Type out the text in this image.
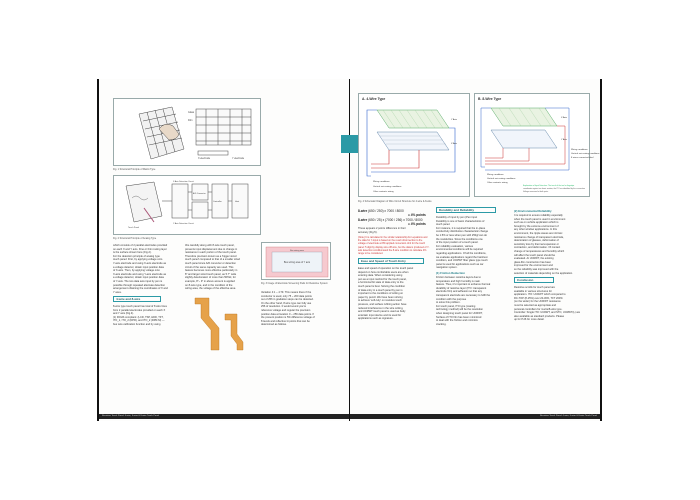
Glass
Film
X electrode	Y electrode
Fig. 1 Structural Principle of Matrix Type
Touch Panel
X Axis Detection Circuit
Y Axis Detection Circuit
A/D Converter
Controller	Host
Fig. 2 Structural Principle of Analog Type
which consists of 2 parallel electrodes provided
on each X and Y axis. Fine or thin routing layer
is the surface shown here (Fig.2).
For the detection principle of analog type
touch panel: First, by applying voltage onto
Y-axis electrode and using X-axis electrode as
a voltage detector, obtain input position data
of X-axis. Then, by applying voltage onto
X-axis electrode and using Y-axis electrode as
a voltage detector, obtain input position data
of Y-axis. The two data sets input by pen is
possible through repeated alternate detection
arrangement obtaining the coordinates of X and
Y axes.
4-wire and 8-wire
8-wire type touch panel has total of 8 wire lines
from 2 parallel electrodes provided on each X
and Y axis (Fig.4).
(1) ROHS compliant: (LCD, TSP, HDD, TFT,
ITO_1, ITO_2 (DPR), and ITO_2 (DPR-M) —
bus wire calibration function and by using
this carefully along with 8-wire touch panel,
prevents input displacement due to change in
resistance in each portion of the touch panel.
Therefore precision known as a 'bigger sized
touch panel' compared to that of a smaller sized
touch panel since A/D converter or detection
circuit of the same capacity are used. This
feature becomes more effective particularly in
8" and larger sized touch panel, as 5.7" wide
slightly deteriorated. of more than 50%Ω, for
example, 8"~ 9" in above amount is applied
on 8-wire type, and in the condition of the
wiring area, the voltage of the effective area
Bus wiring area
Bus wiring area of Y axis
Fig. 3 Image of Electrode Screening Pads for Resistive System
Variation 4:1 ~ 4:79. This means there if the
conductor is used, only 75 ~ 200 data points
out of 256 in gradation steps can be detected.
On the other hand, 8-wire type can fully use
256 of resolution. It would sound you're
reference voltage and regular the precision
position data at location 0 ~ 256 data points. If
the present position is 5% difference voltage of
8 levels and reflective Ω points that can be
determined as follows.
Resistive Touch Panel: 4-wire, 5-wire & 8-wire Touch Panel
A. 4-Wire Type
Y Axis
X Axis
Wiring conditions
Vertical axis wiring conditions
Other contacts wiring
B. 8-Wire Type
X Axis
Y Axis
Wiring conditions
Vertical axis wiring conditions
8 wires connected dual
Wiring conditions
Vertical axis wiring conditions
Other contacts wiring
Explanation of Input Detection: The touch of the tool or fingertips
coordinates against an ohmic resistor, the ITO are identified by the connection
Voltage measured at both parts.
Fig. 4 Schematic Diagram of Wire Circuit Structure for 4-wire & 8-wire
8-wire (650 / 250) x 7000 / 8000
= 4% points
8-wire (650 / 25) x (7000 / 256) x 7000 / 8000
= 4% points
These appears 2 points difference in their
accuracy (Fig.5).
(Note) It is calculated in the similar relationship.For equations and the data for Y-input is based on the result ofconnection to the voltage of electrode at 8% applied conversion.Unit for the touch panel: 5 digit by display size of8 wire, but the data is produced of Y-axis detection conditionsand the 8-wire condition to calculate 4% range to be considered.
Ease and Speed of Touch Entry
Ease and speed of operation on the touch panel
depend on how comfortable users are when
entering data. When considering using
pen as a input method for the touch panel,
a horizontal bit state of data entry to the
touch panel is best. Solving the condition
of data entry in a touch panel by pen is
important to the conditions of writing on
paper by pencil. We have been striving
to achieve 'soft-ivity' on resistive touch
pressure, and surface rubbing action have
reduced interference in the wire writing,
and UCRWT touch panel is used as body
entertain input device and its used for
applications such as signature.
Durability and Reliability
Durability of input by pen (Pen input
Durability is one of basic characteristics of
touch panel.
For instance, it is required that the in-plane
conductivity distribution characteristic change
be 1.5% or less when pen with 250gf can do
the resistivities. Since the conditions one
of the input position of a touch panel.
For reliability evaluation, various
environmental conditions will be required
regarding applications. Of all the conditions,
we evaluate applications regard the harshest
condition, and UCRWT fiber glass type touch
panel is used for applications such as car
navigation system.
(1) Friction Reduction
Friction between resistive layers due to
temperature and high humidity is main
feature. Thus, it's important to enhance thermal
durability of resistive layer (ITO: transparent
electrode film) and adhesion so that any
transparent electrode are necessary to fulfil the
condition with the purpose
to solve this problem.
For touch panel, ITO type (coating
technology method) will be the resolution
when designing touch panel for UCRWT,
Surface of ITO film has been minimized
to deal with the friction and minimize
cracking.
(2) Environmental Reliability
It is required to ensure reliability especially
when the touch panel is used in environment
such as on vehicle application which is
brought by the extreme environment of
any other window applications. In this
environment, the ripple waves are intrinsic
resistance change of transparent electrode,
deterioration of glasses, deformation of
sensitivity loss by thermal expansion or
contraction, and deformation. Of contact
change of temperatures and humidity which
will affect the touch panel should be
evaluated. At UCRWT, the existing
glass-film construction has been
improved for the environment and
so the reliability was improved with the
selection of materials depending on the application.
Conclusion
Resistive scrolls for touch panel are
available in various structures for
application. ITO: UCRWT which compared to
RC-TOP (8-15%) over 20-30%, TFT 200%
(on the wider) for the UCRWT resistance
must be selected as appropriate and
personal controllers for 4-wire/8-wire type.
Controller: Single ITO: UCRWT, and STO, UCRWT(L) are
also available as standard products. Please
up for P.26 for more detail.
Resistive Touch Panel: 4-wire, 5-wire & 8-wire Touch Panel
